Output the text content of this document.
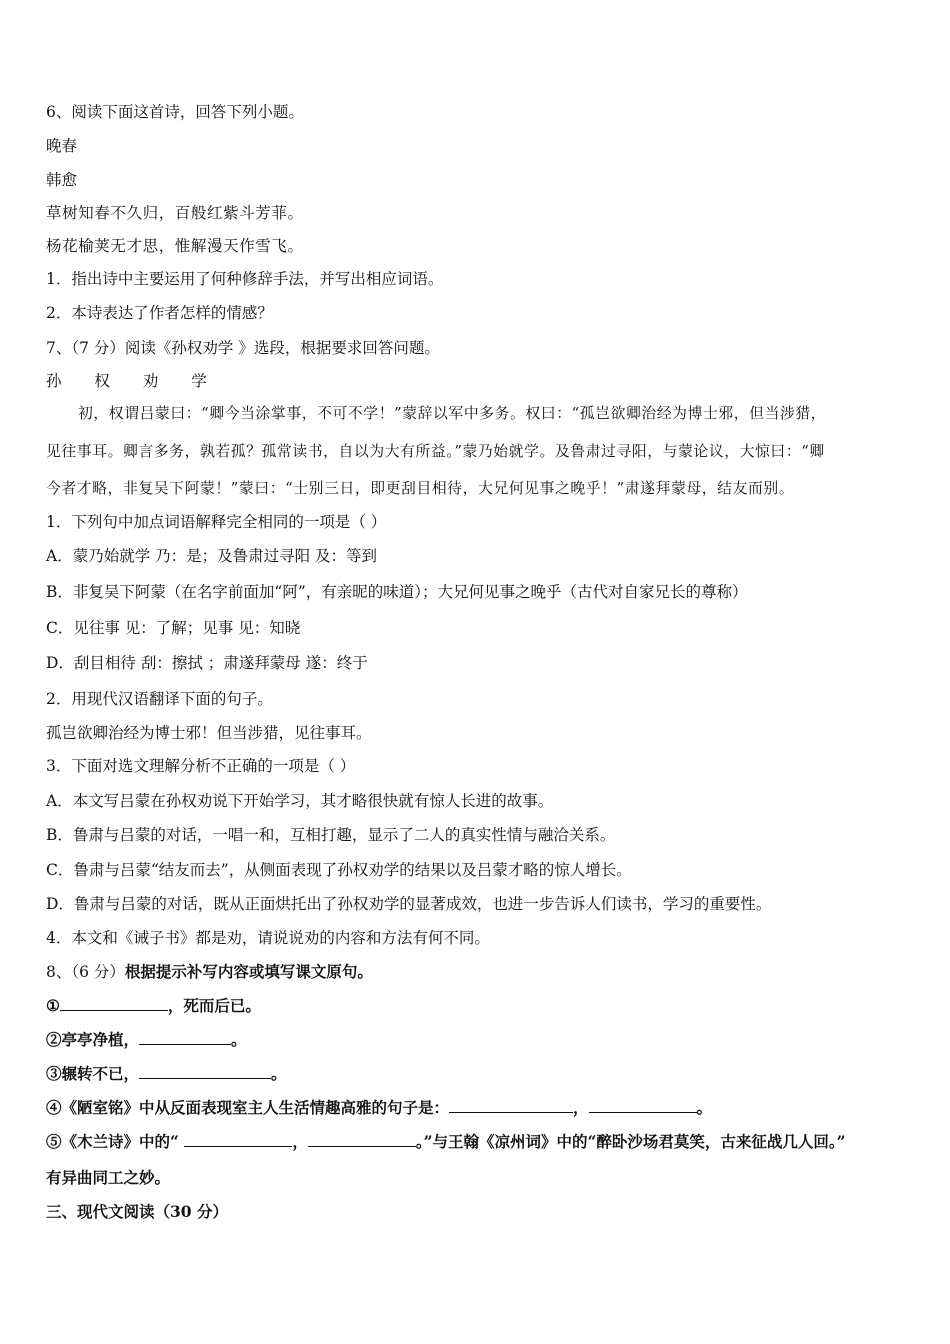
6、阅读下面这首诗，回答下列小题。
晚春
韩愈
草树知春不久归，百般红紫斗芳菲。
杨花榆荚无才思，惟解漫天作雪飞。
1．指出诗中主要运用了何种修辞手法，并写出相应词语。
2．本诗表达了作者怎样的情感？
7、（7 分）阅读《孙权劝学 》选段，根据要求回答问题。
孙 权 劝 学
初，权谓吕蒙曰：“卿今当涂掌事，不可不学！”蒙辞以军中多务。权曰：“孤岂欲卿治经为博士邪，但当涉猎，
见往事耳。卿言多务，孰若孤？孤常读书，自以为大有所益。”蒙乃始就学。及鲁肃过寻阳，与蒙论议，大惊曰：“卿
今者才略，非复吴下阿蒙！”蒙曰：“士别三日，即更刮目相待，大兄何见事之晚乎！”肃遂拜蒙母，结友而别。
1．下列句中加点词语解释完全相同的一项是（ ）
A．蒙乃始就学 乃：是；及鲁肃过寻阳 及：等到
B．非复吴下阿蒙（在名字前面加“阿”，有亲昵的味道）；大兄何见事之晚乎（古代对自家兄长的尊称）
C．见往事 见：了解；见事 见：知晓
D．刮目相待 刮：擦拭 ；肃遂拜蒙母 遂：终于
2．用现代汉语翻译下面的句子。
孤岂欲卿治经为博士邪！但当涉猎，见往事耳。
3．下面对选文理解分析不正确的一项是（ ）
A．本文写吕蒙在孙权劝说下开始学习，其才略很快就有惊人长进的故事。
B．鲁肃与吕蒙的对话，一唱一和，互相打趣，显示了二人的真实性情与融洽关系。
C．鲁肃与吕蒙“结友而去”，从侧面表现了孙权劝学的结果以及吕蒙才略的惊人增长。
D．鲁肃与吕蒙的对话，既从正面烘托出了孙权劝学的显著成效，也进一步告诉人们读书，学习的重要性。
4．本文和《诫子书》都是劝，请说说劝的内容和方法有何不同。
8、（6 分）根据提示补写内容或填写课文原句。
①	，死而后已。
②亭亭净植，	。
③辗转不已，	。
④《陋室铭》中从反面表现室主人生活情趣高雅的句子是：	，	。
⑤《木兰诗》中的“	，	。”与王翰《凉州词》中的“醉卧沙场君莫笑，古来征战几人回。”
有异曲同工之妙。
三、现代文阅读（30 分）
